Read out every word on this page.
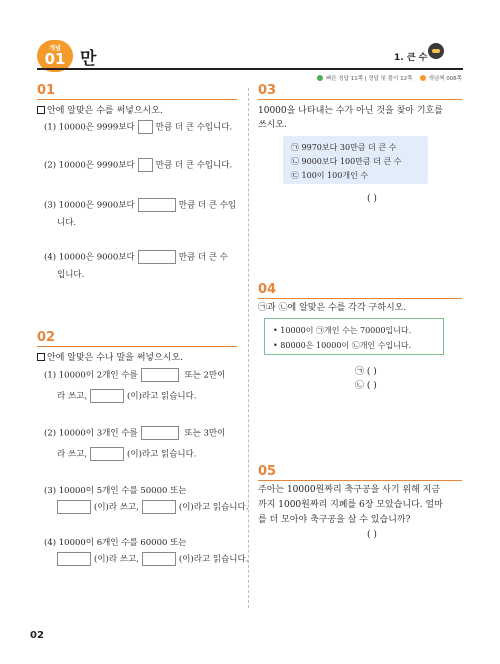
개념
01 만	1. 큰 수
빠른 정답 11쪽 | 정답 및 풀이 12쪽	개념책 008쪽
01
안에 알맞은 수를 써넣으시오.
(1) 10000은 9999보다 만큼 더 큰 수입니다.
(2) 10000은 9990보다 만큼 더 큰 수입니다.
(3) 10000은 9900보다	만큼 더 큰 수입
니다.
(4) 10000은 9000보다	만큼 더 큰 수
입니다.
02
안에 알맞은 수나 말을 써넣으시오.
(1) 10000이 2개인 수를	또는 2만이
라 쓰고,	(이)라고 읽습니다.
(2) 10000이 3개인 수를	또는 3만이
라 쓰고,	(이)라고 읽습니다.
(3) 10000이 5개인 수를 50000 또는
(이)라 쓰고,	(이)라고 읽습니다.
(4) 10000이 6개인 수를 60000 또는
(이)라 쓰고,	(이)라고 읽습니다.
03
10000을 나타내는 수가 아닌 것을 찾아 기호를
쓰시오.
㉠ 9970보다 30만큼 더 큰 수
㉡ 9000보다 100만큼 더 큰 수
㉢ 100이 100개인 수
( )
04
㉠과 ㉡에 알맞은 수를 각각 구하시오.
• 10000이 ㉠개인 수는 70000입니다.
• 80000은 10000이 ㉡개인 수입니다.
㉠ ( )
㉡ ( )
05
주아는 10000원짜리 축구공을 사기 위해 지금
까지 1000원짜리 지폐를 6장 모았습니다. 얼마
를 더 모아야 축구공을 살 수 있습니까?
( )
02
